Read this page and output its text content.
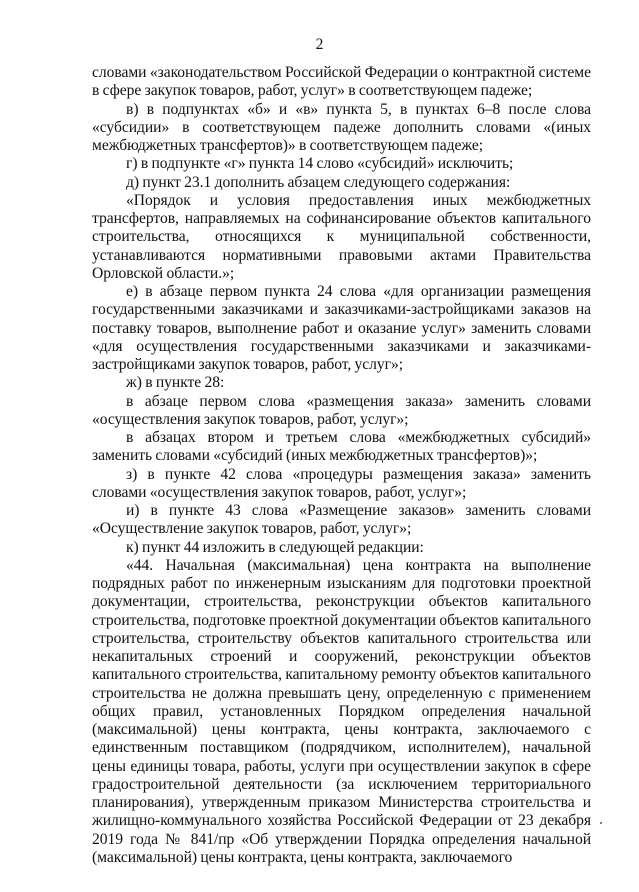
2

словами «законодательством Российской Федерации о контрактной системе в сфере закупок товаров, работ, услуг» в соответствующем падеже;

в) в подпунктах «б» и «в» пункта 5, в пунктах 6–8 после слова «субсидии» в соответствующем падеже дополнить словами «(иных межбюджетных трансфертов)» в соответствующем падеже;

г) в подпункте «г» пункта 14 слово «субсидий» исключить;

д) пункт 23.1 дополнить абзацем следующего содержания:

«Порядок и условия предоставления иных межбюджетных трансфертов, направляемых на софинансирование объектов капитального строительства, относящихся к муниципальной собственности, устанавливаются нормативными правовыми актами Правительства Орловской области.»;

е) в абзаце первом пункта 24 слова «для организации размещения государственными заказчиками и заказчиками-застройщиками заказов на поставку товаров, выполнение работ и оказание услуг» заменить словами «для осуществления государственными заказчиками и заказчиками-застройщиками закупок товаров, работ, услуг»;

ж) в пункте 28:

в абзаце первом слова «размещения заказа» заменить словами «осуществления закупок товаров, работ, услуг»;

в абзацах втором и третьем слова «межбюджетных субсидий» заменить словами «субсидий (иных межбюджетных трансфертов)»;

з) в пункте 42 слова «процедуры размещения заказа» заменить словами «осуществления закупок товаров, работ, услуг»;

и) в пункте 43 слова «Размещение заказов» заменить словами «Осуществление закупок товаров, работ, услуг»;

к) пункт 44 изложить в следующей редакции:

«44. Начальная (максимальная) цена контракта на выполнение подрядных работ по инженерным изысканиям для подготовки проектной документации, строительства, реконструкции объектов капитального строительства, подготовке проектной документации объектов капитального строительства, строительству объектов капитального строительства или некапитальных строений и сооружений, реконструкции объектов капитального строительства, капитальному ремонту объектов капитального строительства не должна превышать цену, определенную с применением общих правил, установленных Порядком определения начальной (максимальной) цены контракта, цены контракта, заключаемого с единственным поставщиком (подрядчиком, исполнителем), начальной цены единицы товара, работы, услуги при осуществлении закупок в сфере градостроительной деятельности (за исключением территориального планирования), утвержденным приказом Министерства строительства и жилищно-коммунального хозяйства Российской Федерации от 23 декабря 2019 года № 841/пр «Об утверждении Порядка определения начальной (максимальной) цены контракта, цены контракта, заключаемого
